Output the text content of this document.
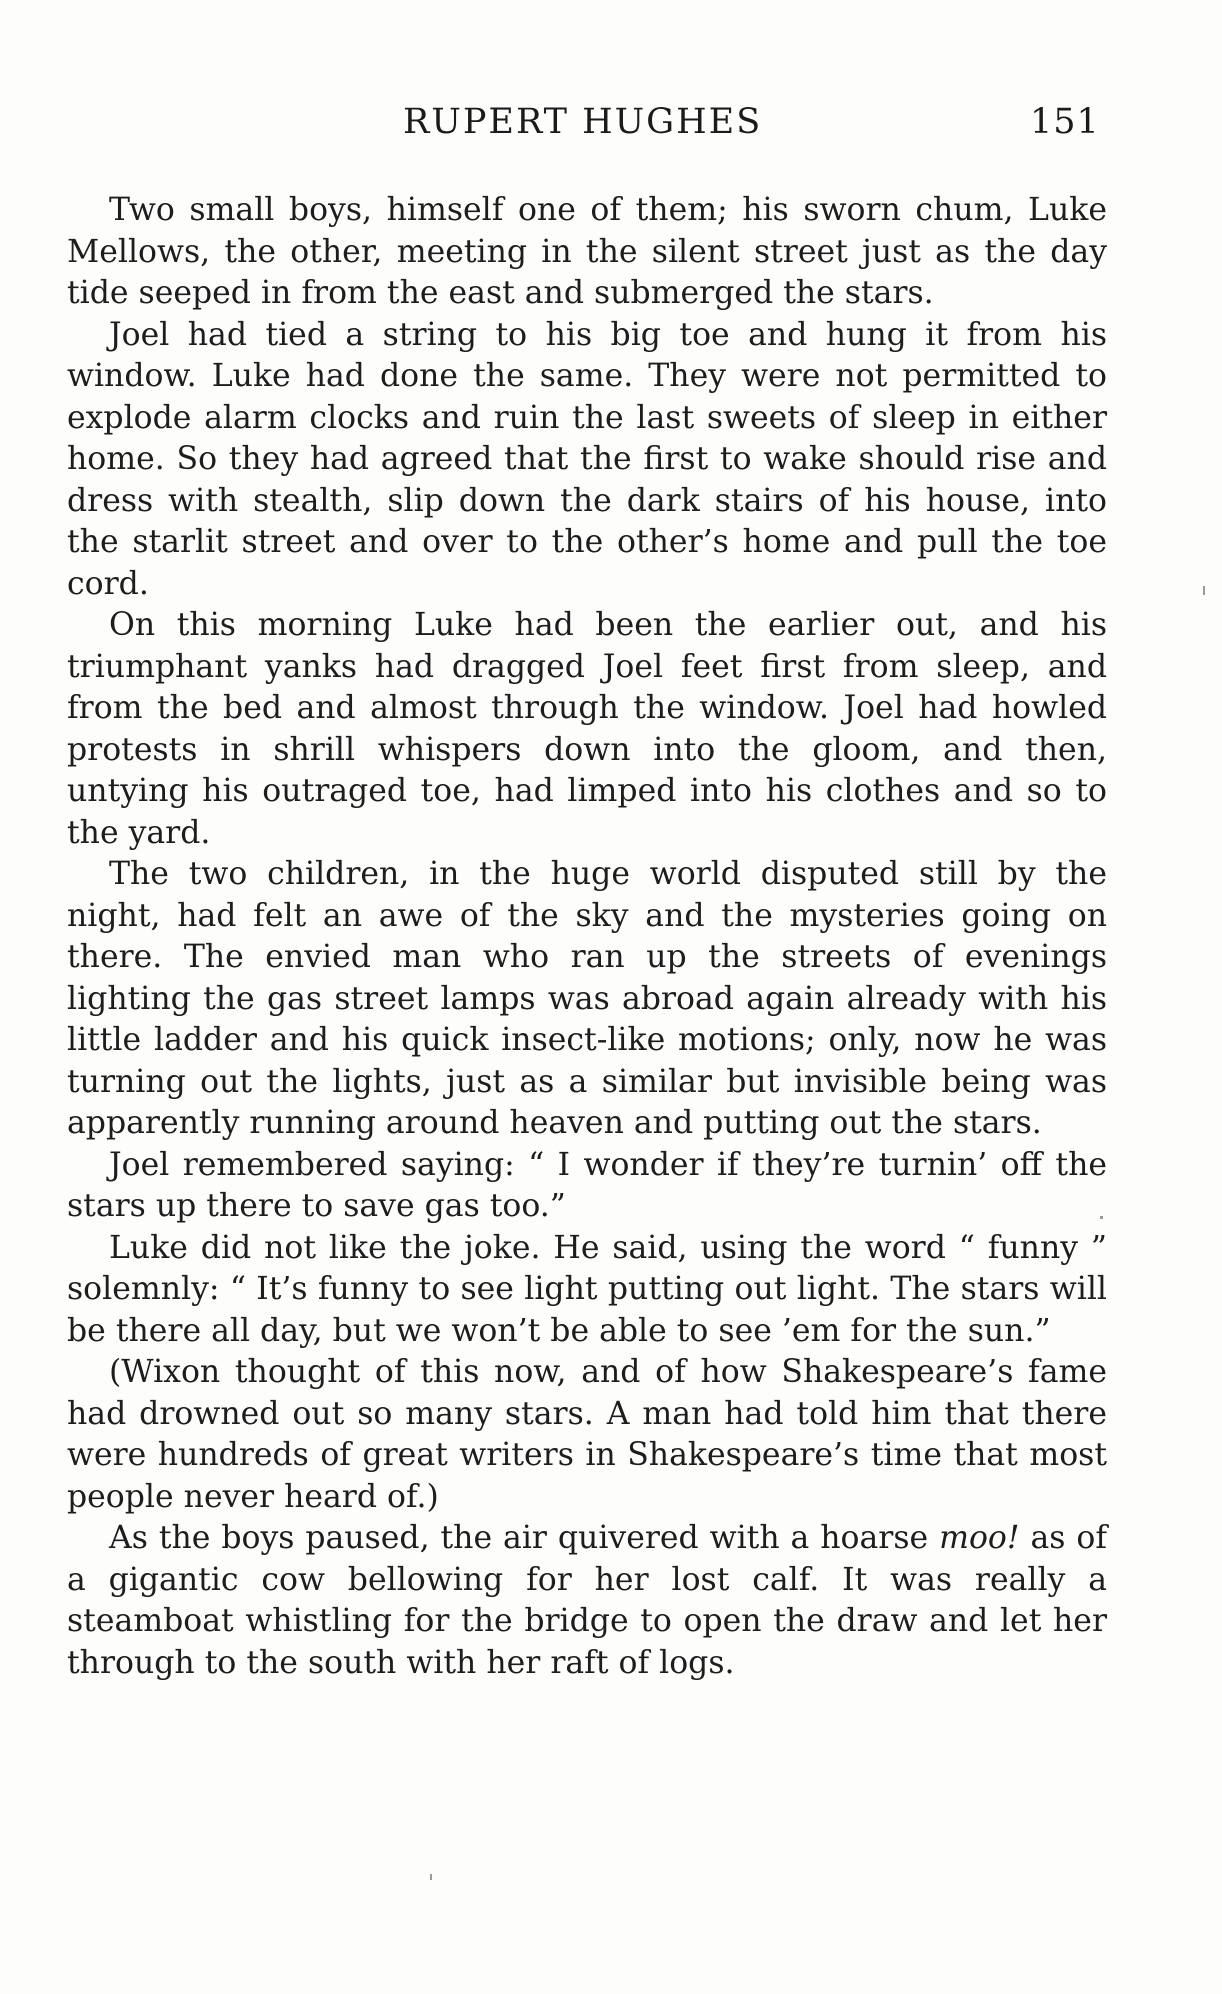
RUPERT HUGHES	151

Two small boys, himself one of them; his sworn chum, Luke Mellows, the other, meeting in the silent street just as the day tide seeped in from the east and submerged the stars.

Joel had tied a string to his big toe and hung it from his window. Luke had done the same. They were not permitted to explode alarm clocks and ruin the last sweets of sleep in either home. So they had agreed that the first to wake should rise and dress with stealth, slip down the dark stairs of his house, into the starlit street and over to the other’s home and pull the toe cord.

On this morning Luke had been the earlier out, and his triumphant yanks had dragged Joel feet first from sleep, and from the bed and almost through the window. Joel had howled protests in shrill whispers down into the gloom, and then, untying his outraged toe, had limped into his clothes and so to the yard.

The two children, in the huge world disputed still by the night, had felt an awe of the sky and the mysteries going on there. The envied man who ran up the streets of evenings lighting the gas street lamps was abroad again already with his little ladder and his quick insect-like motions; only, now he was turning out the lights, just as a similar but invisible being was apparently running around heaven and putting out the stars.

Joel remembered saying: “ I wonder if they’re turnin’ off the stars up there to save gas too.”

Luke did not like the joke. He said, using the word “ funny ” solemnly: “ It’s funny to see light putting out light. The stars will be there all day, but we won’t be able to see ’em for the sun.”

(Wixon thought of this now, and of how Shakespeare’s fame had drowned out so many stars. A man had told him that there were hundreds of great writers in Shakespeare’s time that most people never heard of.)

As the boys paused, the air quivered with a hoarse moo! as of a gigantic cow bellowing for her lost calf. It was really a steamboat whistling for the bridge to open the draw and let her through to the south with her raft of logs.
